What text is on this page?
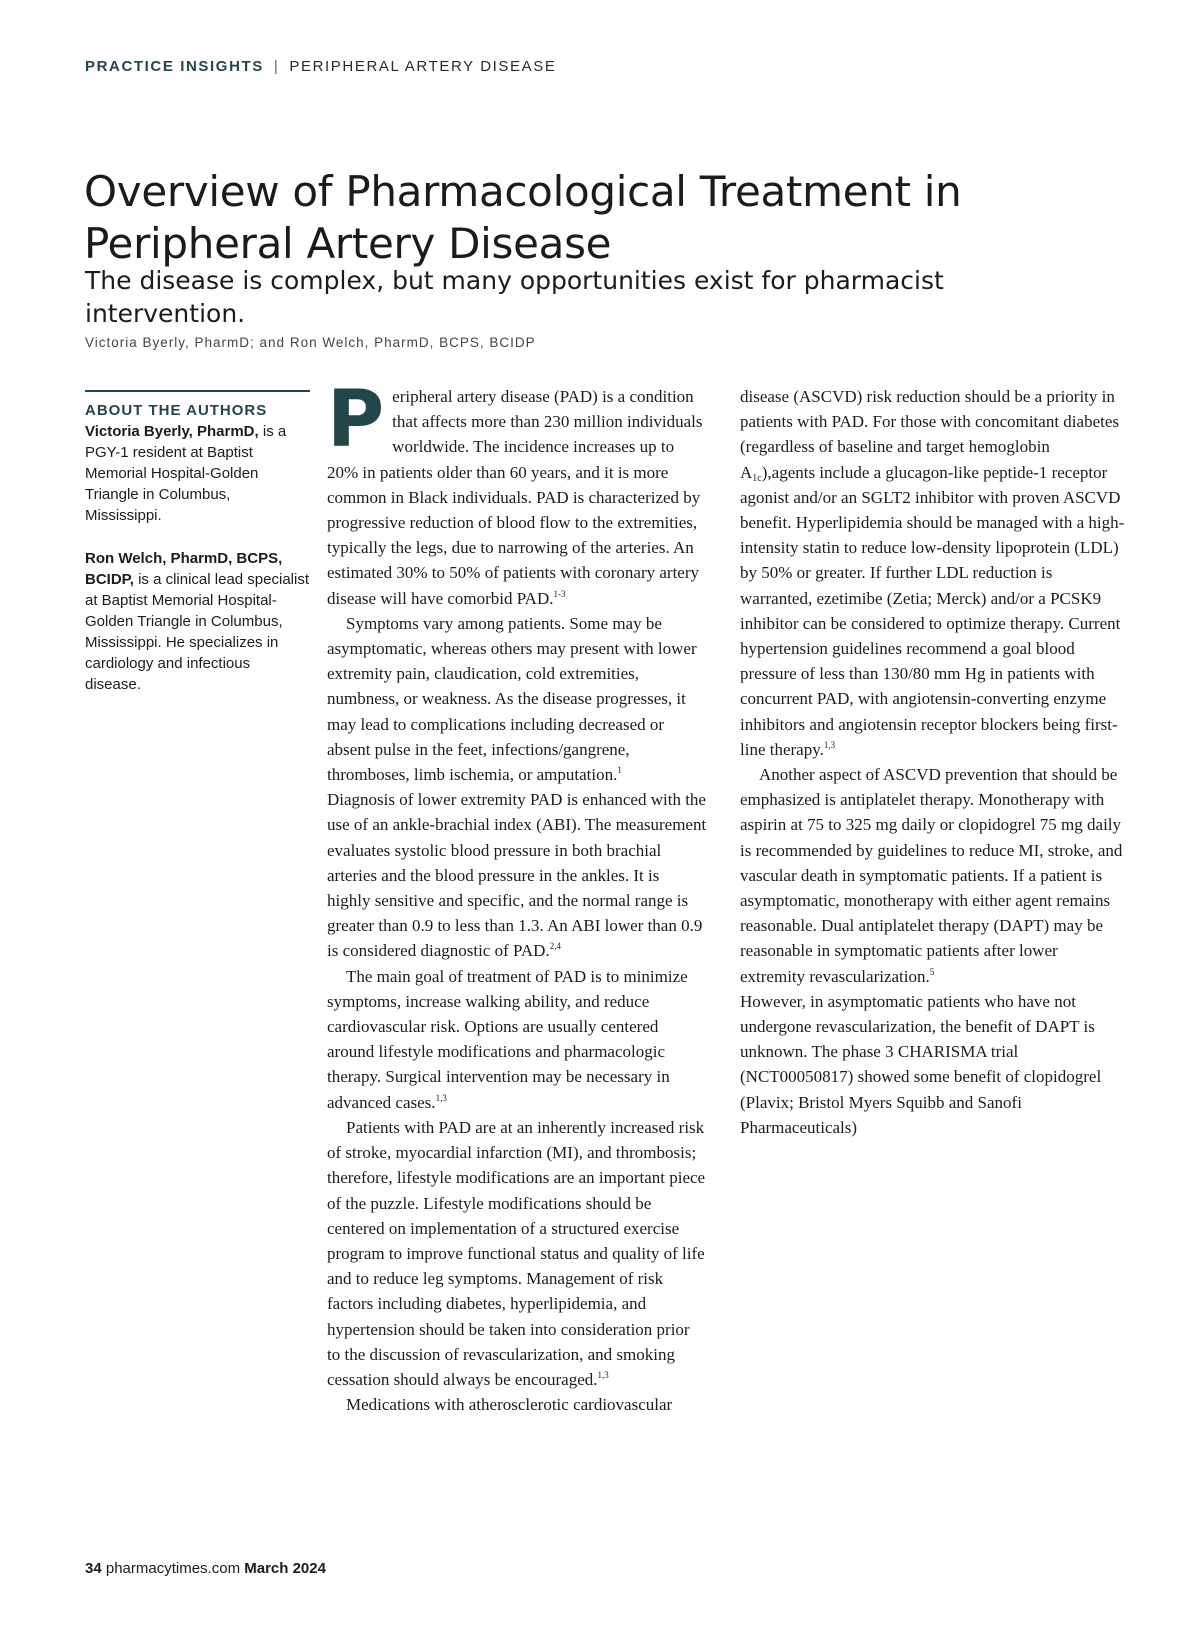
PRACTICE INSIGHTS | PERIPHERAL ARTERY DISEASE
Overview of Pharmacological Treatment in Peripheral Artery Disease
The disease is complex, but many opportunities exist for pharmacist intervention.
Victoria Byerly, PharmD; and Ron Welch, PharmD, BCPS, BCIDP
ABOUT THE AUTHORS

Victoria Byerly, PharmD, is a PGY-1 resident at Baptist Memorial Hospital-Golden Triangle in Columbus, Mississippi.

Ron Welch, PharmD, BCPS, BCIDP, is a clinical lead specialist at Baptist Memorial Hospital-Golden Triangle in Columbus, Mississippi. He specializes in cardiology and infectious disease.

Peripheral artery disease (PAD) is a condition that affects more than 230 million individuals worldwide. The incidence increases up to 20% in patients older than 60 years, and it is more common in Black individuals. PAD is characterized by progressive reduction of blood flow to the extremities, typically the legs, due to narrowing of the arteries. An estimated 30% to 50% of patients with coronary artery disease will have comorbid PAD.$^{1-3}$

Symptoms vary among patients. Some may be asymptomatic, whereas others may present with lower extremity pain, claudication, cold extremities, numbness, or weakness. As the disease progresses, it may lead to complications including decreased or absent pulse in the feet, infections/gangrene, thromboses, limb ischemia, or amputation.$^1$

Diagnosis of lower extremity PAD is enhanced with the use of an ankle-brachial index (ABI). The measurement evaluates systolic blood pressure in both brachial arteries and the blood pressure in the ankles. It is highly sensitive and specific, and the normal range is greater than 0.9 to less than 1.3. An ABI lower than 0.9 is considered diagnostic of PAD.$^{2,4}$

The main goal of treatment of PAD is to minimize symptoms, increase walking ability, and reduce cardiovascular risk. Options are usually centered around lifestyle modifications and pharmacologic therapy. Surgical intervention may be necessary in advanced cases.$^{1,3}$

Patients with PAD are at an inherently increased risk of stroke, myocardial infarction (MI), and thrombosis; therefore, lifestyle modifications are an important piece of the puzzle. Lifestyle modifications should be centered on implementation of a structured exercise program to improve functional status and quality of life and to reduce leg symptoms. Management of risk factors including diabetes, hyperlipidemia, and hypertension should be taken into consideration prior to the discussion of revascularization, and smoking cessation should always be encouraged.$^{1,3}$

Medications with atherosclerotic cardiovascular

disease (ASCVD) risk reduction should be a priority in patients with PAD. For those with concomitant diabetes (regardless of baseline and target hemoglobin $A_{1c}),agents$ include a glucagon-like peptide-1 receptor agonist and/or an SGLT2 inhibitor with proven ASCVD benefit. Hyperlipidemia should be managed with a high-intensity statin to reduce low-density lipoprotein (LDL) by 50% or greater. If further LDL reduction is warranted, ezetimibe (Zetia; Merck) and/or a PCSK9 inhibitor can be considered to optimize therapy. Current hypertension guidelines recommend a goal blood pressure of less than 130/80 mm Hg in patients with concurrent PAD, with angiotensin-converting enzyme inhibitors and angiotensin receptor blockers being first-line therapy.$^{1,3}$

Another aspect of ASCVD prevention that should be emphasized is antiplatelet therapy. Monotherapy with aspirin at 75 to 325 mg daily or clopidogrel 75 mg daily is recommended by guidelines to reduce MI, stroke, and vascular death in symptomatic patients. If a patient is asymptomatic, monotherapy with either agent remains reasonable. Dual antiplatelet therapy (DAPT) may be reasonable in symptomatic patients after lower extremity revascularization.$^5$

However, in asymptomatic patients who have not undergone revascularization, the benefit of DAPT is unknown. The phase 3 CHARISMA trial (NCT00050817) showed some benefit of clopidogrel (Plavix; Bristol Myers Squibb and Sanofi Pharmaceuticals)

34 pharmacytimes.com March 2024
